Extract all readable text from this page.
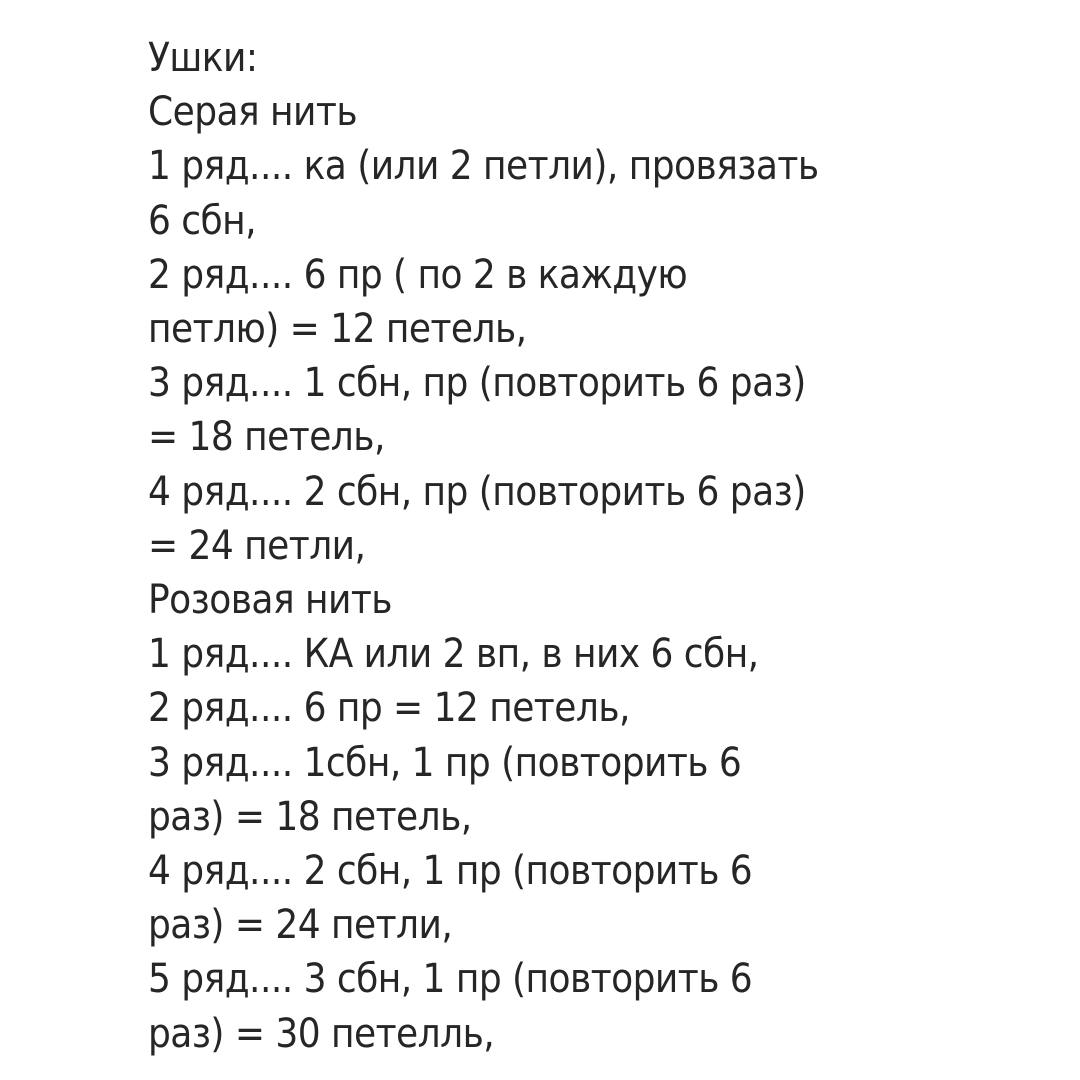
Ушки:
Серая нить
1 ряд.... ка (или 2 петли), провязать
6 сбн,
2 ряд.... 6 пр ( по 2 в каждую
петлю) = 12 петель,
3 ряд.... 1 сбн, пр (повторить 6 раз)
= 18 петель,
4 ряд.... 2 сбн, пр (повторить 6 раз)
= 24 петли,
Розовая нить
1 ряд.... КА или 2 вп, в них 6 сбн,
2 ряд.... 6 пр = 12 петель,
3 ряд.... 1сбн, 1 пр (повторить 6
раз) = 18 петель,
4 ряд.... 2 сбн, 1 пр (повторить 6
раз) = 24 петли,
5 ряд.... 3 сбн, 1 пр (повторить 6
раз) = 30 петелль,
